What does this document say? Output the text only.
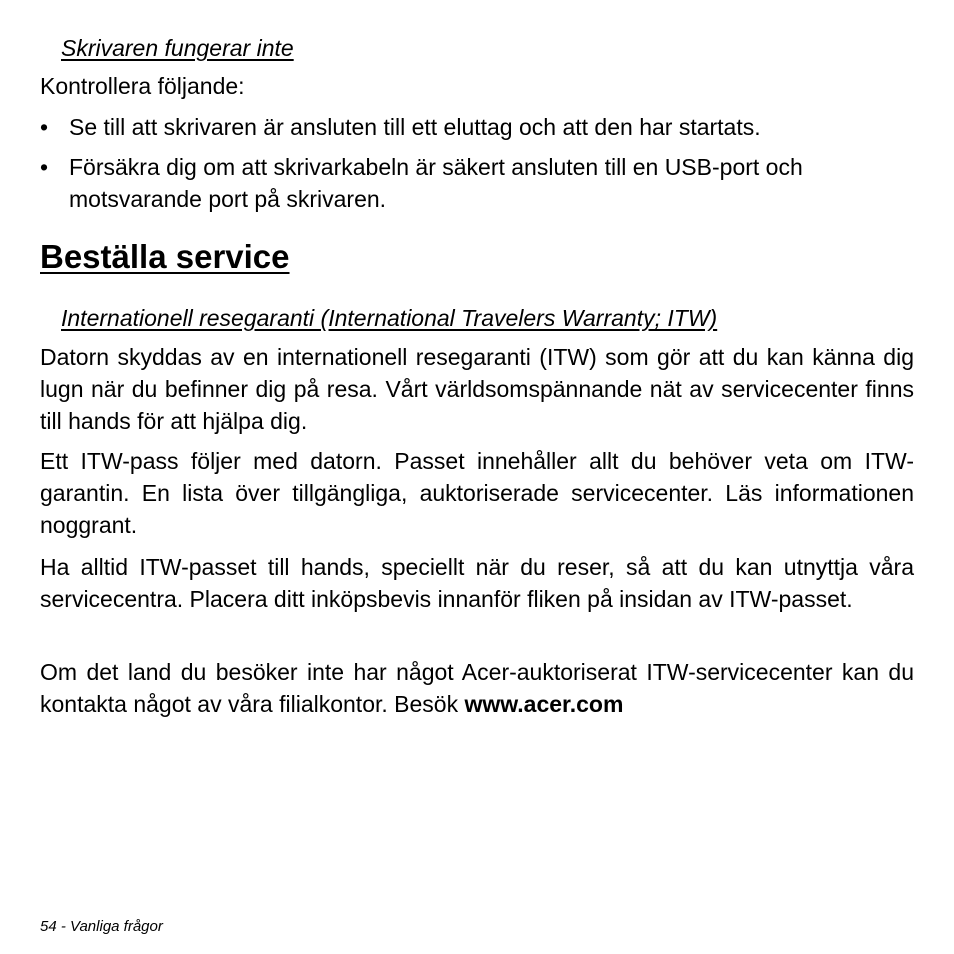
Skrivaren fungerar inte
Kontrollera följande:
• Se till att skrivaren är ansluten till ett eluttag och att den har startats.
• Försäkra dig om att skrivarkabeln är säkert ansluten till en USB-port och motsvarande port på skrivaren.
Beställa service
Internationell resegaranti (International Travelers Warranty; ITW)

Datorn skyddas av en internationell resegaranti (ITW) som gör att du kan känna dig lugn när du befinner dig på resa. Vårt världsomspännande nät av servicecenter finns till hands för att hjälpa dig.

Ett ITW-pass följer med datorn. Passet innehåller allt du behöver veta om ITW-garantin. En lista över tillgängliga, auktoriserade servicecenter. Läs informationen noggrant.

Ha alltid ITW-passet till hands, speciellt när du reser, så att du kan utnyttja våra servicecentra. Placera ditt inköpsbevis innanför fliken på insidan av ITW-passet.

Om det land du besöker inte har något Acer-auktoriserat ITW-servicecenter kan du kontakta något av våra filialkontor. Besök www.acer.com

54 - Vanliga frågor
